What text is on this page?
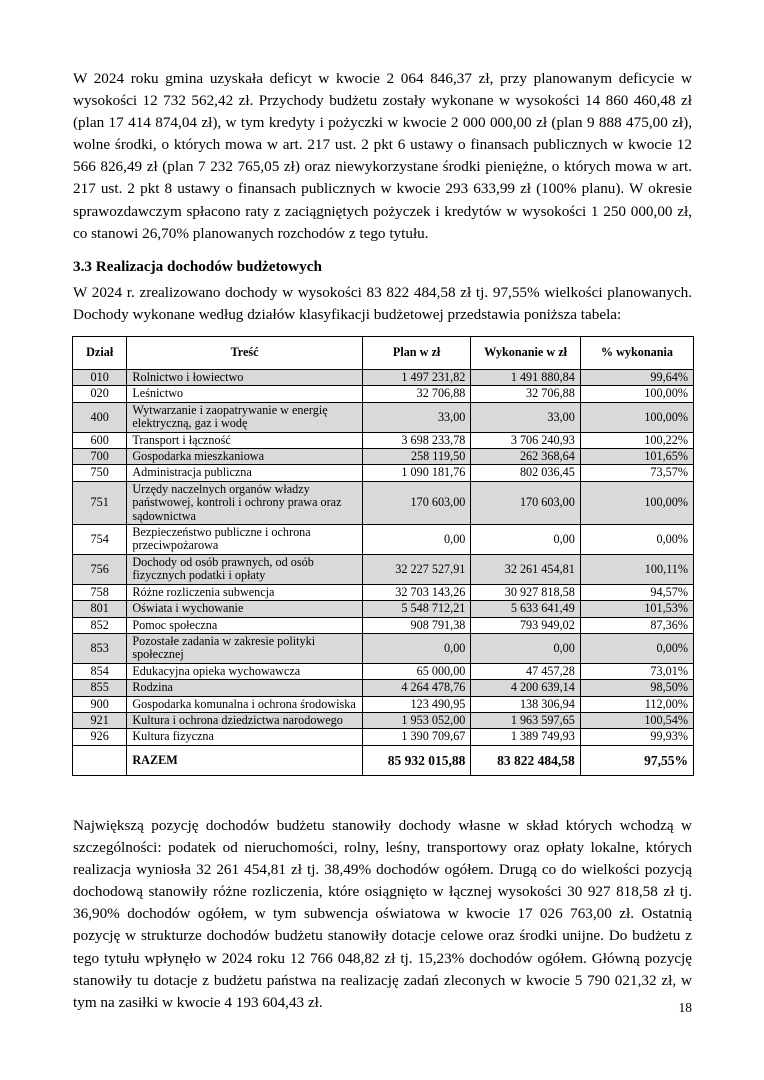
W 2024 roku gmina uzyskała deficyt w kwocie 2 064 846,37 zł, przy planowanym deficycie w wysokości 12 732 562,42 zł. Przychody budżetu zostały wykonane w wysokości 14 860 460,48 zł (plan 17 414 874,04 zł), w tym kredyty i pożyczki w kwocie 2 000 000,00 zł (plan 9 888 475,00 zł), wolne środki, o których mowa w art. 217 ust. 2 pkt 6 ustawy o finansach publicznych w kwocie 12 566 826,49 zł (plan 7 232 765,05 zł) oraz niewykorzystane środki pieniężne, o których mowa w art. 217 ust. 2 pkt 8 ustawy o finansach publicznych w kwocie 293 633,99 zł (100% planu). W okresie sprawozdawczym spłacono raty z zaciągniętych pożyczek i kredytów w wysokości 1 250 000,00 zł, co stanowi 26,70% planowanych rozchodów z tego tytułu.
3.3 Realizacja dochodów budżetowych
W 2024 r. zrealizowano dochody w wysokości 83 822 484,58 zł tj. 97,55% wielkości planowanych. Dochody wykonane według działów klasyfikacji budżetowej przedstawia poniższa tabela:
Dział	Treść	Plan w zł	Wykonanie w zł	% wykonania
010	Rolnictwo i łowiectwo	1 497 231,82	1 491 880,84	99,64%
020	Leśnictwo	32 706,88	32 706,88	100,00%
400	Wytwarzanie i zaopatrywanie w energię elektryczną, gaz i wodę	33,00	33,00	100,00%
600	Transport i łączność	3 698 233,78	3 706 240,93	100,22%
700	Gospodarka mieszkaniowa	258 119,50	262 368,64	101,65%
750	Administracja publiczna	1 090 181,76	802 036,45	73,57%
751	Urzędy naczelnych organów władzy państwowej, kontroli i ochrony prawa oraz sądownictwa	170 603,00	170 603,00	100,00%
754	Bezpieczeństwo publiczne i ochrona przeciwpożarowa	0,00	0,00	0,00%
756	Dochody od osób prawnych, od osób fizycznych podatki i opłaty	32 227 527,91	32 261 454,81	100,11%
758	Różne rozliczenia subwencja	32 703 143,26	30 927 818,58	94,57%
801	Oświata i wychowanie	5 548 712,21	5 633 641,49	101,53%
852	Pomoc społeczna	908 791,38	793 949,02	87,36%
853	Pozostałe zadania w zakresie polityki społecznej	0,00	0,00	0,00%
854	Edukacyjna opieka wychowawcza	65 000,00	47 457,28	73,01%
855	Rodzina	4 264 478,76	4 200 639,14	98,50%
900	Gospodarka komunalna i ochrona środowiska	123 490,95	138 306,94	112,00%
921	Kultura i ochrona dziedzictwa narodowego	1 953 052,00	1 963 597,65	100,54%
926	Kultura fizyczna	1 390 709,67	1 389 749,93	99,93%
	RAZEM	85 932 015,88	83 822 484,58	97,55%
Największą pozycję dochodów budżetu stanowiły dochody własne w skład których wchodzą w szczególności: podatek od nieruchomości, rolny, leśny, transportowy oraz opłaty lokalne, których realizacja wyniosła 32 261 454,81 zł tj. 38,49% dochodów ogółem. Drugą co do wielkości pozycją dochodową stanowiły różne rozliczenia, które osiągnięto w łącznej wysokości 30 927 818,58 zł tj. 36,90% dochodów ogółem, w tym subwencja oświatowa w kwocie 17 026 763,00 zł. Ostatnią pozycję w strukturze dochodów budżetu stanowiły dotacje celowe oraz środki unijne. Do budżetu z tego tytułu wpłynęło w 2024 roku 12 766 048,82 zł tj. 15,23% dochodów ogółem. Główną pozycję stanowiły tu dotacje z budżetu państwa na realizację zadań zleconych w kwocie 5 790 021,32 zł, w tym na zasiłki w kwocie 4 193 604,43 zł.	18
